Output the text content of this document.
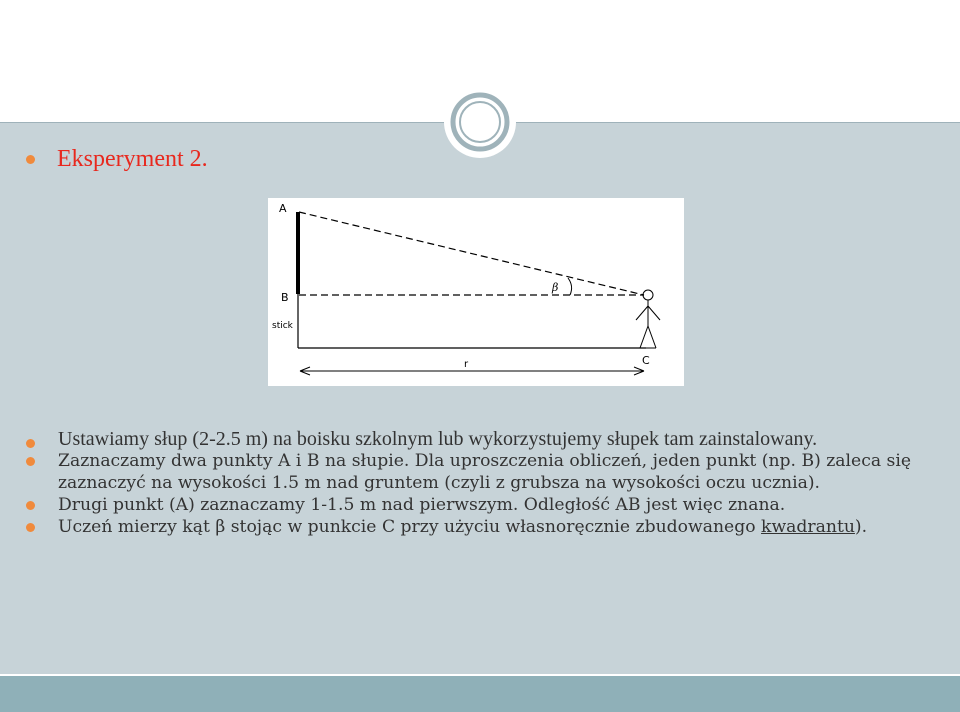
Eksperyment 2.
A
B
stick
β
C
r
Ustawiamy słup (2-2.5 m) na boisku szkolnym lub wykorzystujemy słupek tam zainstalowany.
Zaznaczamy dwa punkty A i B na słupie. Dla uproszczenia obliczeń, jeden punkt (np. B) zaleca się zaznaczyć na wysokości 1.5 m nad gruntem (czyli z grubsza na wysokości oczu ucznia).
Drugi punkt (A) zaznaczamy 1-1.5 m nad pierwszym. Odległość AB jest więc znana.
Uczeń mierzy kąt β stojąc w punkcie C przy użyciu własnoręcznie zbudowanego kwadrantu).
